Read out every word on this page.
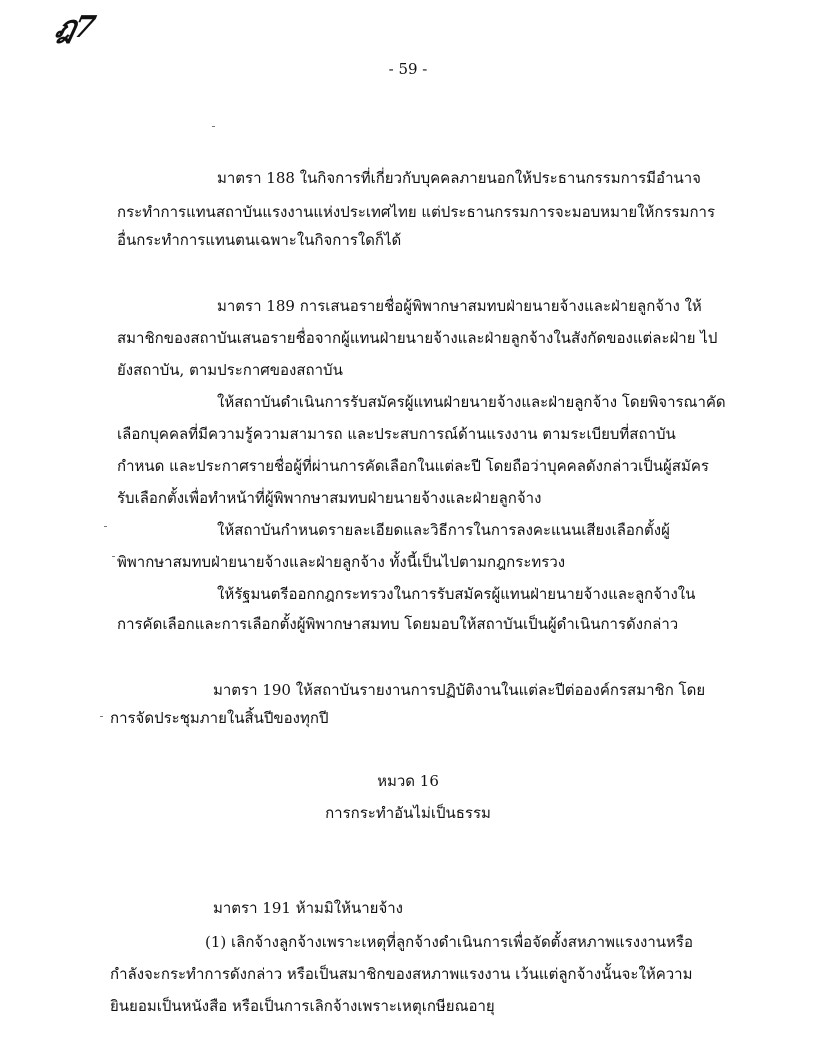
ฎ7
- 59 -
มาตรา 188 ในกิจการที่เกี่ยวกับบุคคลภายนอกให้ประธานกรรมการมีอำนาจ
กระทำการแทนสถาบันแรงงานแห่งประเทศไทย แต่ประธานกรรมการจะมอบหมายให้กรรมการ
อื่นกระทำการแทนตนเฉพาะในกิจการใดก็ได้
มาตรา 189 การเสนอรายชื่อผู้พิพากษาสมทบฝ่ายนายจ้างและฝ่ายลูกจ้าง ให้
สมาชิกของสถาบันเสนอรายชื่อจากผู้แทนฝ่ายนายจ้างและฝ่ายลูกจ้างในสังกัดของแต่ละฝ่าย ไป
ยังสถาบัน, ตามประกาศของสถาบัน
ให้สถาบันดำเนินการรับสมัครผู้แทนฝ่ายนายจ้างและฝ่ายลูกจ้าง โดยพิจารณาคัด
เลือกบุคคลที่มีความรู้ความสามารถ และประสบการณ์ด้านแรงงาน ตามระเบียบที่สถาบัน
กำหนด และประกาศรายชื่อผู้ที่ผ่านการคัดเลือกในแต่ละปี โดยถือว่าบุคคลดังกล่าวเป็นผู้สมัคร
รับเลือกตั้งเพื่อทำหน้าที่ผู้พิพากษาสมทบฝ่ายนายจ้างและฝ่ายลูกจ้าง
ให้สถาบันกำหนดรายละเอียดและวิธีการในการลงคะแนนเสียงเลือกตั้งผู้
พิพากษาสมทบฝ่ายนายจ้างและฝ่ายลูกจ้าง ทั้งนี้เป็นไปตามกฎกระทรวง
ให้รัฐมนตรีออกกฎกระทรวงในการรับสมัครผู้แทนฝ่ายนายจ้างและลูกจ้างใน
การคัดเลือกและการเลือกตั้งผู้พิพากษาสมทบ โดยมอบให้สถาบันเป็นผู้ดำเนินการดังกล่าว
มาตรา 190 ให้สถาบันรายงานการปฏิบัติงานในแต่ละปีต่อองค์กรสมาชิก โดย
การจัดประชุมภายในสิ้นปีของทุกปี
หมวด 16
การกระทำอันไม่เป็นธรรม
มาตรา 191 ห้ามมิให้นายจ้าง
(1) เลิกจ้างลูกจ้างเพราะเหตุที่ลูกจ้างดำเนินการเพื่อจัดตั้งสหภาพแรงงานหรือ
กำลังจะกระทำการดังกล่าว หรือเป็นสมาชิกของสหภาพแรงงาน เว้นแต่ลูกจ้างนั้นจะให้ความ
ยินยอมเป็นหนังสือ หรือเป็นการเลิกจ้างเพราะเหตุเกษียณอายุ
